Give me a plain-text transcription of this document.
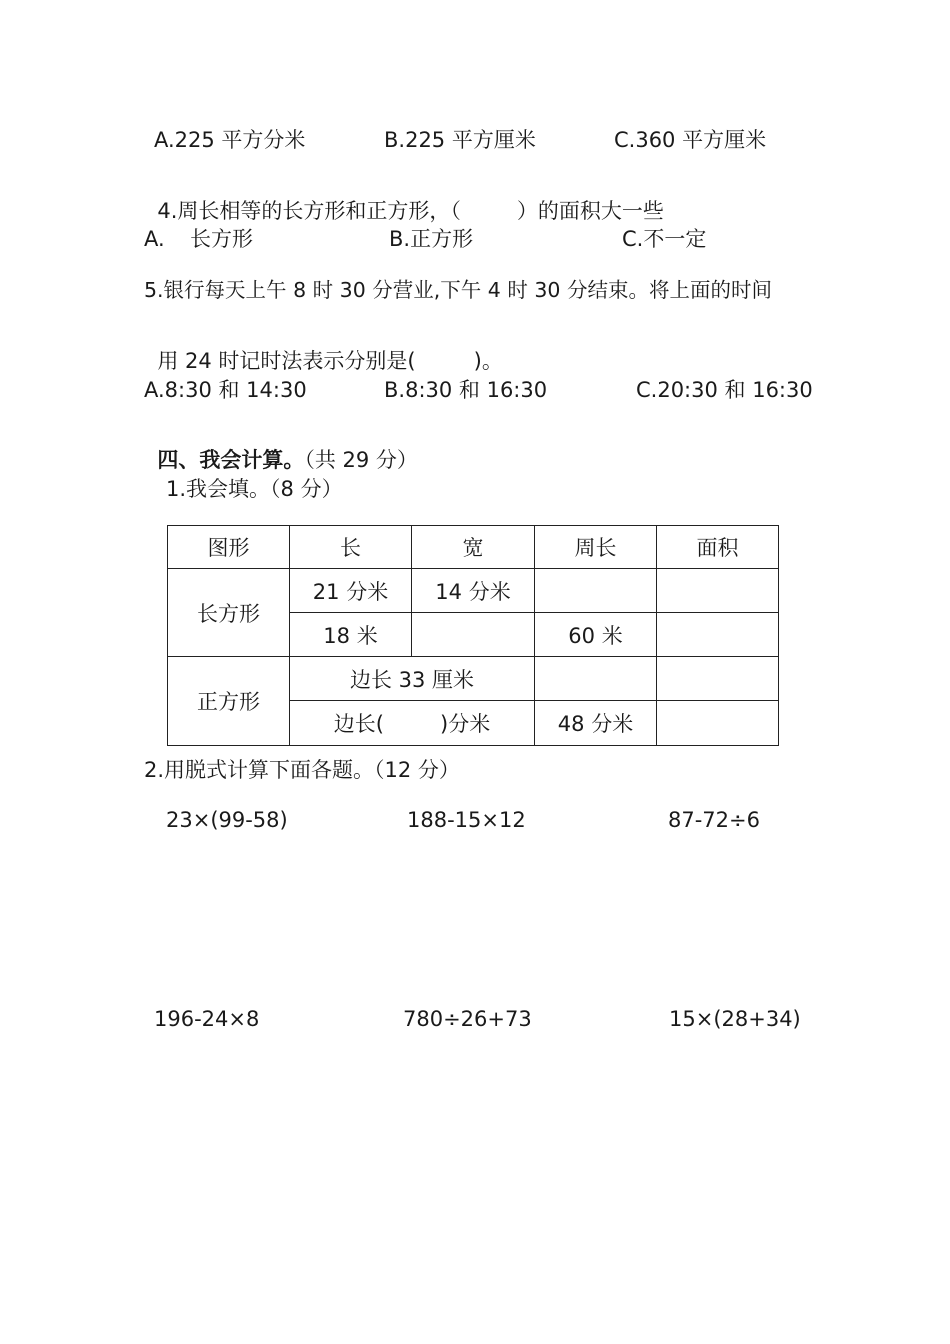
A.225 平方分米	B.225 平方厘米	C.360 平方厘米

4.周长相等的长方形和正方形，（	）的面积大一些

A. 长方形	B.正方形	C.不一定
5.银行每天上午 8 时 30 分营业,下午 4 时 30 分结束。将上面的时间

用 24 时记时法表示分别是(	)。

A.8:30 和 14:30	B.8:30 和 16:30	C.20:30 和 16:30

四、我会计算。（共 29 分）

1.我会填。（8 分）
图形	长	宽	周长	面积
长方形	21 分米	14 分米		
	18 米		60 米	
正方形	边长 33 厘米			
	边长( )分米		48 分米	
2.用脱式计算下面各题。（12 分）
23×(99-58)	188-15×12	87-72÷6
196-24×8	780÷26+73	15×(28+34)
